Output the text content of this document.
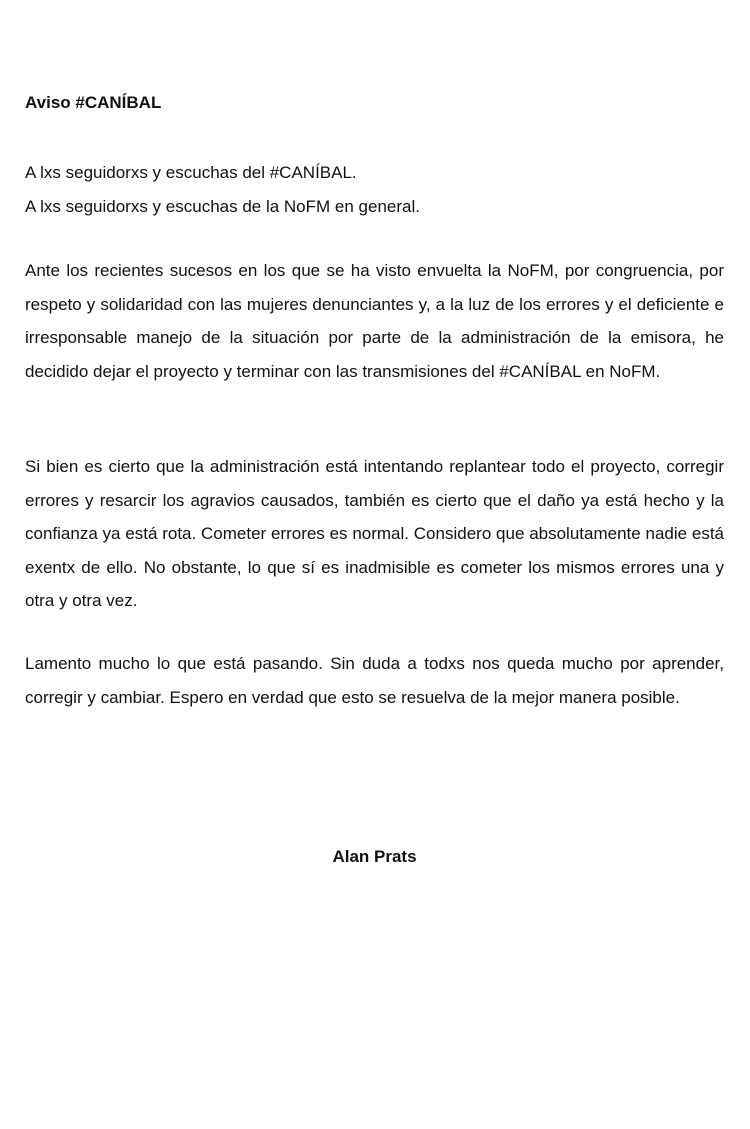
Aviso #CANÍBAL

A lxs seguidorxs y escuchas del #CANÍBAL.
A lxs seguidorxs y escuchas de la NoFM en general.

Ante los recientes sucesos en los que se ha visto envuelta la NoFM, por congruencia, por respeto y solidaridad con las mujeres denunciantes y, a la luz de los errores y el deficiente e irresponsable manejo de la situación por parte de la administración de la emisora, he decidido dejar el proyecto y terminar con las transmisiones del #CANÍBAL en NoFM.

Si bien es cierto que la administración está intentando replantear todo el proyecto, corregir errores y resarcir los agravios causados, también es cierto que el daño ya está hecho y la confianza ya está rota. Cometer errores es normal. Considero que absolutamente nadie está exentx de ello. No obstante, lo que sí es inadmisible es cometer los mismos errores una y otra y otra vez.

Lamento mucho lo que está pasando. Sin duda a todxs nos queda mucho por aprender, corregir y cambiar. Espero en verdad que esto se resuelva de la mejor manera posible.

Alan Prats
